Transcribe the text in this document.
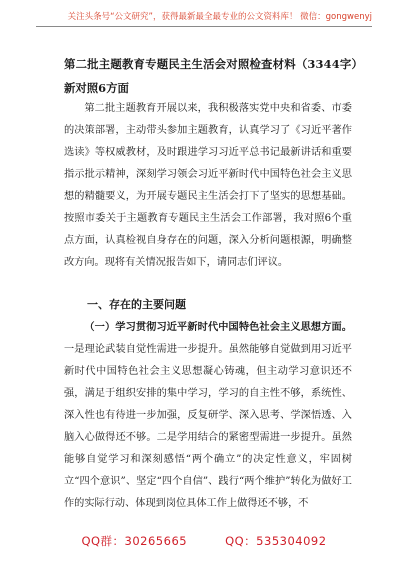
关注头条号“公文研究”，获得最新最全最专业的公文资料库！ 微信：gongwenyj
第二批主题教育专题民主生活会对照检查材料（3344字）
新对照6方面

第二批主题教育开展以来，我积极落实党中央和省委、市委的决策部署，主动带头参加主题教育，认真学习了《习近平著作选读》等权威教材，及时跟进学习习近平总书记最新讲话和重要指示批示精神，深刻学习领会习近平新时代中国特色社会主义思想的精髓要义，为开展专题民主生活会打下了坚实的思想基础。按照市委关于主题教育专题民主生活会工作部署，我对照6个重点方面，认真检视自身存在的问题，深入分析问题根源，明确整改方向。现将有关情况报告如下，请同志们评议。

一、存在的主要问题

（一）学习贯彻习近平新时代中国特色社会主义思想方面。一是理论武装自觉性需进一步提升。虽然能够自觉做到用习近平新时代中国特色社会主义思想凝心铸魂，但主动学习意识还不强，满足于组织安排的集中学习，学习的自主性不够，系统性、深入性也有待进一步加强，反复研学、深入思考、学深悟透、入脑入心做得还不够。二是学用结合的紧密型需进一步提升。虽然能够自觉学习和深刻感悟“两个确立”的决定性意义，牢固树立“四个意识”、坚定“四个自信”、践行“两个维护”转化为做好工作的实际行动、体现到岗位具体工作上做得还不够，不

QQ群：30265665	QQ：535304092
